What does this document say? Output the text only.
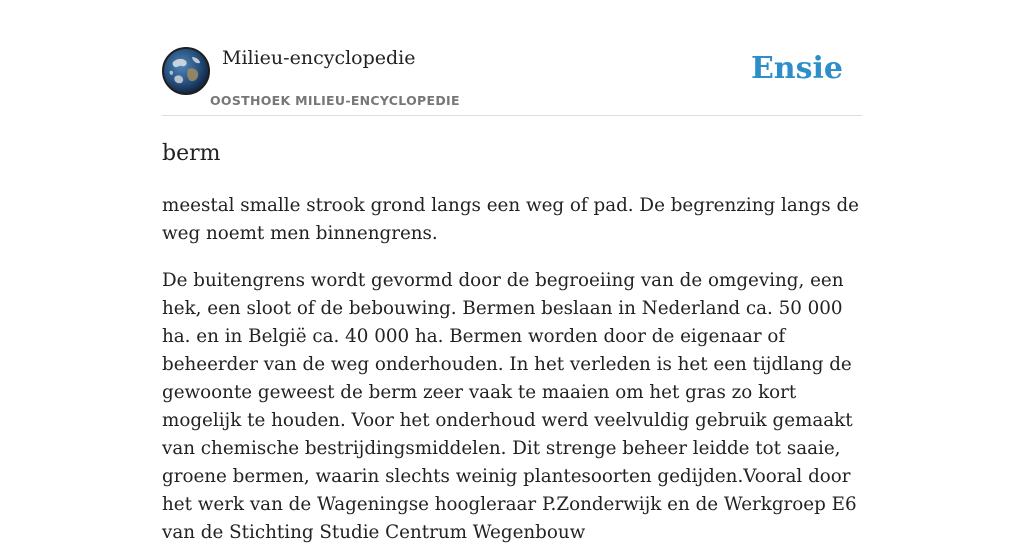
Milieu-encyclopedie
OOSTHOEK MILIEU-ENCYCLOPEDIE
Ensie
berm

meestal smalle strook grond langs een weg of pad. De begrenzing langs de weg noemt men binnengrens.

De buitengrens wordt gevormd door de begroeiing van de omgeving, een hek, een sloot of de bebouwing. Bermen beslaan in Nederland ca. 50 000 ha. en in België ca. 40 000 ha. Bermen worden door de eigenaar of beheerder van de weg onderhouden. In het verleden is het een tijdlang de gewoonte geweest de berm zeer vaak te maaien om het gras zo kort mogelijk te houden. Voor het onderhoud werd veelvuldig gebruik gemaakt van chemische bestrijdingsmiddelen. Dit strenge beheer leidde tot saaie, groene bermen, waarin slechts weinig plantesoorten gedijden.Vooral door het werk van de Wageningse hoogleraar P.Zonderwijk en de Werkgroep E6 van de Stichting Studie Centrum Wegenbouw
